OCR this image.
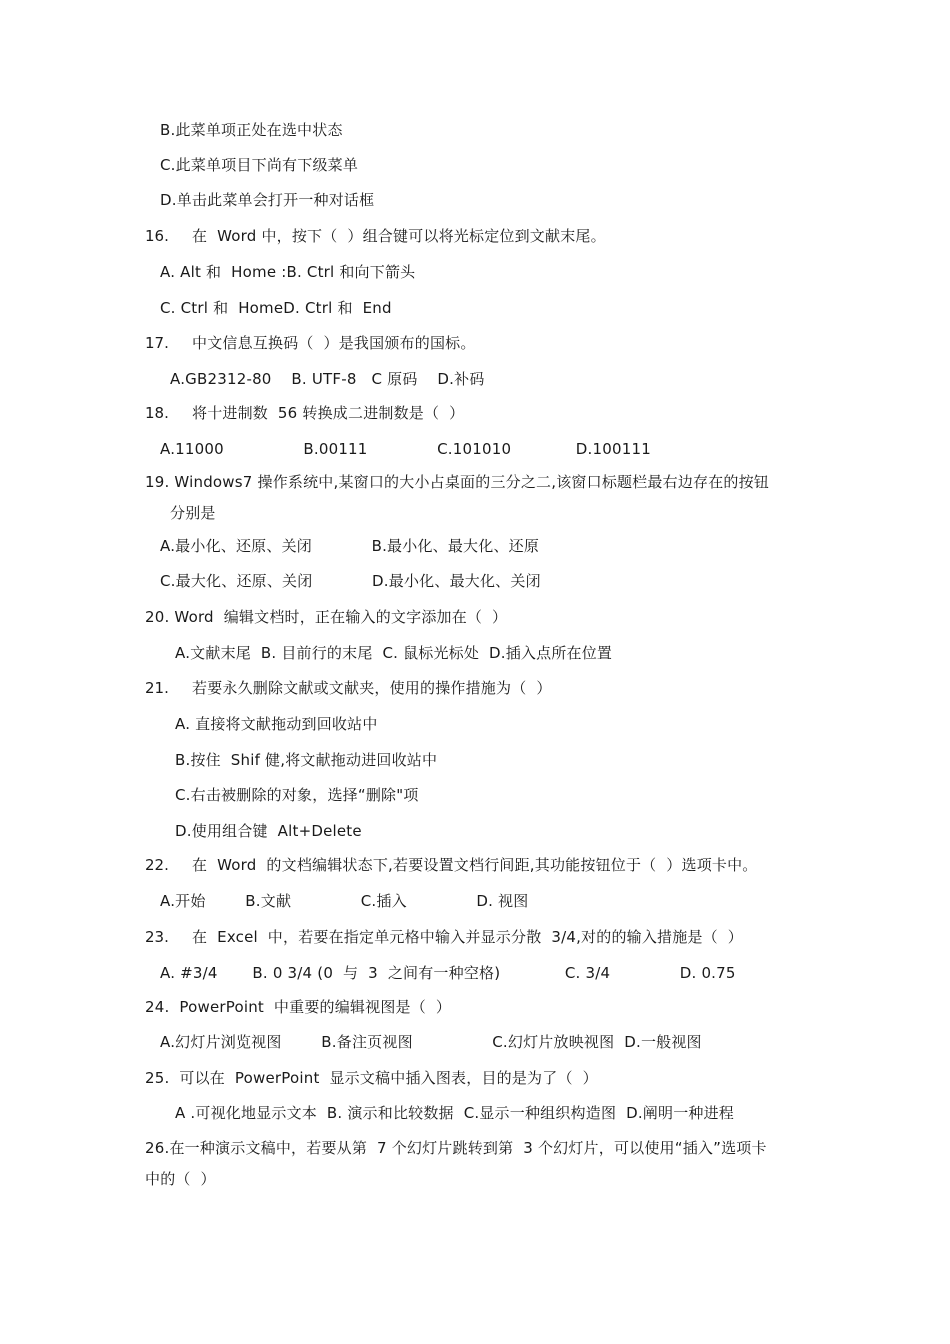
B.此菜单项正处在选中状态
C.此菜单项目下尚有下级菜单
D.单击此菜单会打开一种对话框
16. 在  Word 中，按下（  ）组合键可以将光标定位到文献末尾。
A. Alt 和  Home :B. Ctrl 和向下箭头
C. Ctrl 和  HomeD. Ctrl 和  End
17. 中文信息互换码（  ）是我国颁布的国标。
A.GB2312-80    B. UTF-8   C 原码    D.补码
18. 将十进制数  56 转换成二进制数是（  ）
A.11000                B.00111              C.101010             D.100111
19. Windows7 操作系统中,某窗口的大小占桌面的三分之二,该窗口标题栏最右边存在的按钮
分别是
A.最小化、还原、关闭            B.最小化、最大化、还原
C.最大化、还原、关闭            D.最小化、最大化、关闭
20. Word  编辑文档时，正在输入的文字添加在（  ）
A.文献末尾  B. 目前行的末尾  C. 鼠标光标处  D.插入点所在位置
21. 若要永久删除文献或文献夹，使用的操作措施为（  ）
A. 直接将文献拖动到回收站中
B.按住  Shif 健,将文献拖动进回收站中
C.右击被删除的对象，选择“删除"项
D.使用组合键  Alt+Delete
22. 在  Word  的文档编辑状态下,若要设置文档行间距,其功能按钮位于（  ）选项卡中。
A.开始        B.文献              C.插入              D. 视图
23. 在  Excel  中，若要在指定单元格中输入并显示分散  3/4,对的的输入措施是（  ）
A. #3/4       B. 0 3/4 (0  与  3  之间有一种空格)             C. 3/4              D. 0.75
24.  PowerPoint  中重要的编辑视图是（  ）
A.幻灯片浏览视图        B.备注页视图                C.幻灯片放映视图  D.一般视图
25.  可以在  PowerPoint  显示文稿中插入图表，目的是为了（  ）
A .可视化地显示文本  B. 演示和比较数据  C.显示一种组织构造图  D.阐明一种进程
26.在一种演示文稿中，若要从第  7 个幻灯片跳转到第  3 个幻灯片，可以使用“插入”选项卡
中的（  ）
